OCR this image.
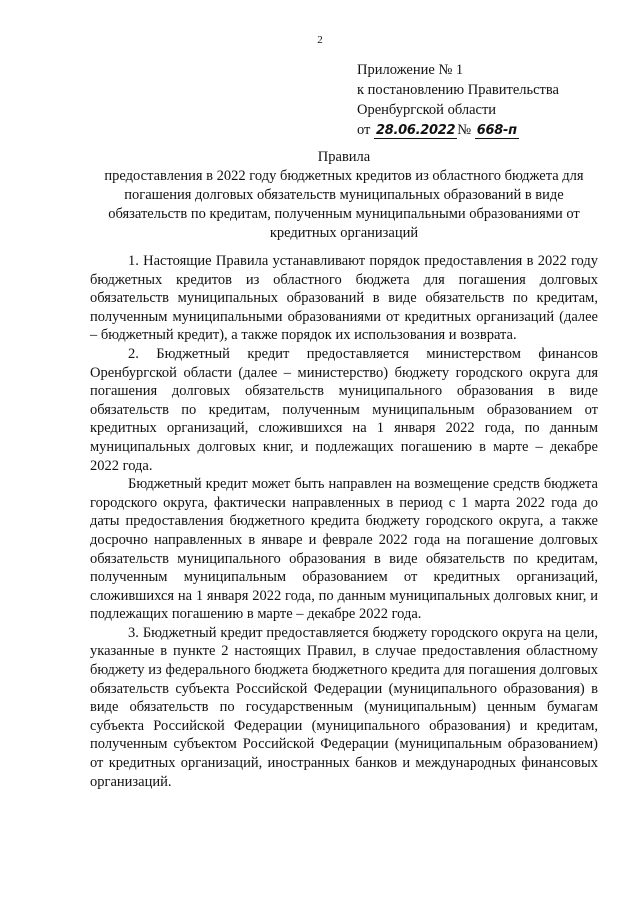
2
Приложение № 1
к постановлению Правительства
Оренбургской области
от 28.06.2022 № 668-п
Правила
предоставления в 2022 году бюджетных кредитов из областного бюджета для погашения долговых обязательств муниципальных образований в виде обязательств по кредитам, полученным муниципальными образованиями от кредитных организаций

1. Настоящие Правила устанавливают порядок предоставления в 2022 году бюджетных кредитов из областного бюджета для погашения долговых обязательств муниципальных образований в виде обязательств по кредитам, полученным муниципальными образованиями от кредитных организаций (далее – бюджетный кредит), а также порядок их использования и возврата.

2. Бюджетный кредит предоставляется министерством финансов Оренбургской области (далее – министерство) бюджету городского округа для погашения долговых обязательств муниципального образования в виде обязательств по кредитам, полученным муниципальным образованием от кредитных организаций, сложившихся на 1 января 2022 года, по данным муниципальных долговых книг, и подлежащих погашению в марте – декабре 2022 года.

Бюджетный кредит может быть направлен на возмещение средств бюджета городского округа, фактически направленных в период с 1 марта 2022 года до даты предоставления бюджетного кредита бюджету городского округа, а также досрочно направленных в январе и феврале 2022 года на погашение долговых обязательств муниципального образования в виде обязательств по кредитам, полученным муниципальным образованием от кредитных организаций, сложившихся на 1 января 2022 года, по данным муниципальных долговых книг, и подлежащих погашению в марте – декабре 2022 года.

3. Бюджетный кредит предоставляется бюджету городского округа на цели, указанные в пункте 2 настоящих Правил, в случае предоставления областному бюджету из федерального бюджета бюджетного кредита для погашения долговых обязательств субъекта Российской Федерации (муниципального образования) в виде обязательств по государственным (муниципальным) ценным бумагам субъекта Российской Федерации (муниципального образования) и кредитам, полученным субъектом Российской Федерации (муниципальным образованием) от кредитных организаций, иностранных банков и международных финансовых организаций.
